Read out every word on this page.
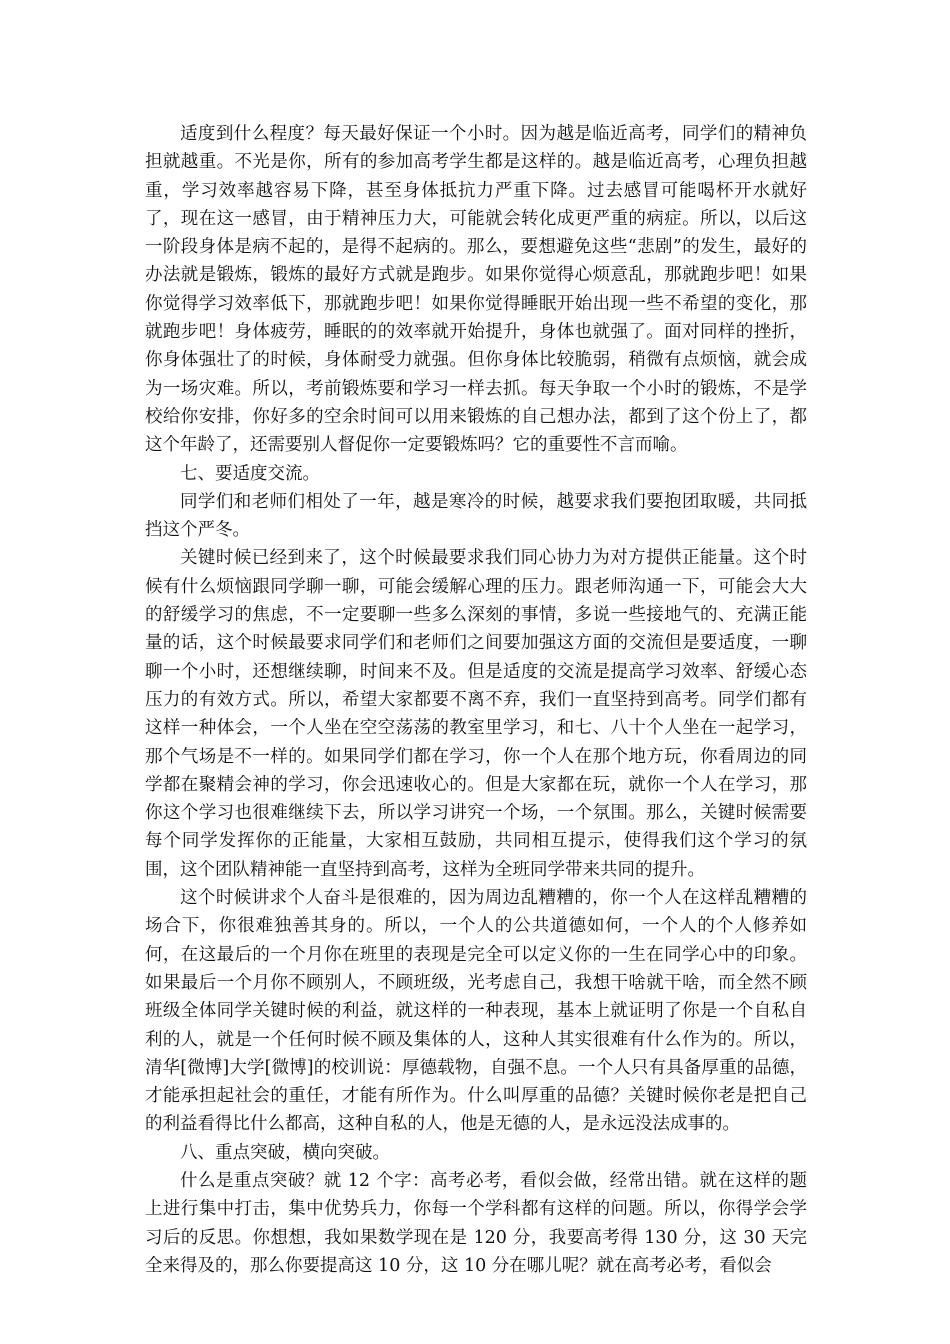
适度到什么程度？每天最好保证一个小时。因为越是临近高考，同学们的精神负担就越重。不光是你，所有的参加高考学生都是这样的。越是临近高考，心理负担越重，学习效率越容易下降，甚至身体抵抗力严重下降。过去感冒可能喝杯开水就好了，现在这一感冒，由于精神压力大，可能就会转化成更严重的病症。所以，以后这一阶段身体是病不起的，是得不起病的。那么，要想避免这些“悲剧”的发生，最好的办法就是锻炼，锻炼的最好方式就是跑步。如果你觉得心烦意乱，那就跑步吧！如果你觉得学习效率低下，那就跑步吧！如果你觉得睡眠开始出现一些不希望的变化，那就跑步吧！身体疲劳，睡眠的的效率就开始提升，身体也就强了。面对同样的挫折，你身体强壮了的时候，身体耐受力就强。但你身体比较脆弱，稍微有点烦恼，就会成为一场灾难。所以，考前锻炼要和学习一样去抓。每天争取一个小时的锻炼，不是学校给你安排，你好多的空余时间可以用来锻炼的自己想办法，都到了这个份上了，都这个年龄了，还需要别人督促你一定要锻炼吗？它的重要性不言而喻。

七、要适度交流。

同学们和老师们相处了一年，越是寒冷的时候，越要求我们要抱团取暖，共同抵挡这个严冬。

关键时候已经到来了，这个时候最要求我们同心协力为对方提供正能量。这个时候有什么烦恼跟同学聊一聊，可能会缓解心理的压力。跟老师沟通一下，可能会大大的舒缓学习的焦虑，不一定要聊一些多么深刻的事情，多说一些接地气的、充满正能量的话，这个时候最要求同学们和老师们之间要加强这方面的交流但是要适度，一聊聊一个小时，还想继续聊，时间来不及。但是适度的交流是提高学习效率、舒缓心态压力的有效方式。所以，希望大家都要不离不弃，我们一直坚持到高考。同学们都有这样一种体会，一个人坐在空空荡荡的教室里学习，和七、八十个人坐在一起学习，那个气场是不一样的。如果同学们都在学习，你一个人在那个地方玩，你看周边的同学都在聚精会神的学习，你会迅速收心的。但是大家都在玩，就你一个人在学习，那你这个学习也很难继续下去，所以学习讲究一个场，一个氛围。那么，关键时候需要每个同学发挥你的正能量，大家相互鼓励，共同相互提示，使得我们这个学习的氛围，这个团队精神能一直坚持到高考，这样为全班同学带来共同的提升。

这个时候讲求个人奋斗是很难的，因为周边乱糟糟的，你一个人在这样乱糟糟的场合下，你很难独善其身的。所以，一个人的公共道德如何，一个人的个人修养如何，在这最后的一个月你在班里的表现是完全可以定义你的一生在同学心中的印象。如果最后一个月你不顾别人，不顾班级，光考虑自己，我想干啥就干啥，而全然不顾班级全体同学关键时候的利益，就这样的一种表现，基本上就证明了你是一个自私自利的人，就是一个任何时候不顾及集体的人，这种人其实很难有什么作为的。所以，清华[微博]大学[微博]的校训说：厚德载物，自强不息。一个人只有具备厚重的品德，才能承担起社会的重任，才能有所作为。什么叫厚重的品德？关键时候你老是把自己的利益看得比什么都高，这种自私的人，他是无德的人，是永远没法成事的。

八、重点突破，横向突破。

什么是重点突破？就 12 个字：高考必考，看似会做，经常出错。就在这样的题上进行集中打击，集中优势兵力，你每一个学科都有这样的问题。所以，你得学会学习后的反思。你想想，我如果数学现在是 120 分，我要高考得 130 分，这 30 天完全来得及的，那么你要提高这 10 分，这 10 分在哪儿呢？就在高考必考，看似会
